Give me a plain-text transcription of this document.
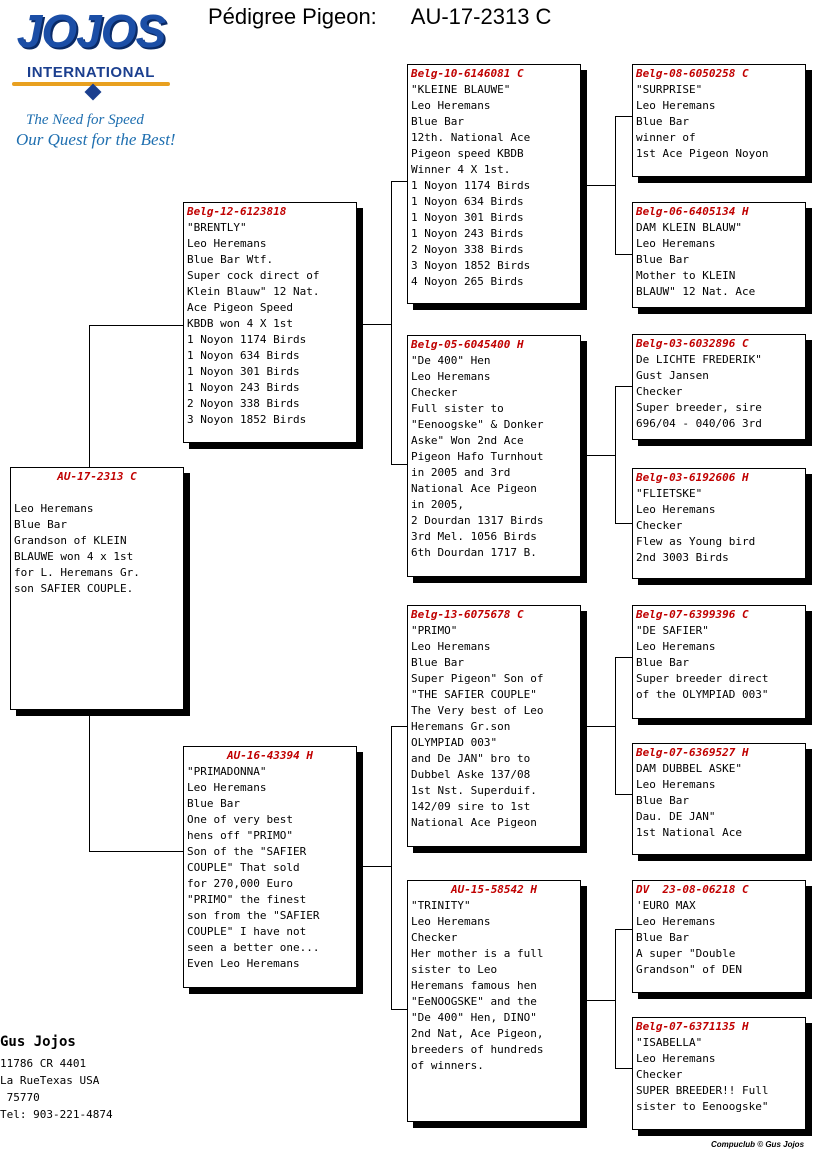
JOJOS
INTERNATIONAL
The Need for Speed
Our Quest for the Best!
Pédigree Pigeon: AU-17-2313 C
AU-17-2313 C
Leo Heremans
Blue Bar
Grandson of KLEIN
BLAUWE won 4 x 1st
for L. Heremans Gr.
son SAFIER COUPLE.
Belg-12-6123818
"BRENTLY"
Leo Heremans
Blue Bar Wtf.
Super cock direct of
Klein Blauw" 12 Nat.
Ace Pigeon Speed
KBDB won 4 X 1st
1 Noyon 1174 Birds
1 Noyon 634 Birds
1 Noyon 301 Birds
1 Noyon 243 Birds
2 Noyon 338 Birds
3 Noyon 1852 Birds
AU-16-43394 H
"PRIMADONNA"
Leo Heremans
Blue Bar
One of very best
hens off "PRIMO"
Son of the "SAFIER
COUPLE" That sold
for 270,000 Euro
"PRIMO" the finest
son from the "SAFIER
COUPLE" I have not
seen a better one...
Even Leo Heremans
Belg-10-6146081 C
"KLEINE BLAUWE"
Leo Heremans
Blue Bar
12th. National Ace
Pigeon speed KBDB
Winner 4 X 1st.
1 Noyon 1174 Birds
1 Noyon 634 Birds
1 Noyon 301 Birds
1 Noyon 243 Birds
2 Noyon 338 Birds
3 Noyon 1852 Birds
4 Noyon 265 Birds
Belg-05-6045400 H
"De 400" Hen
Leo Heremans
Checker
Full sister to
"Eenoogske" & Donker
Aske" Won 2nd Ace
Pigeon Hafo Turnhout
in 2005 and 3rd
National Ace Pigeon
in 2005,
2 Dourdan 1317 Birds
3rd Mel. 1056 Birds
6th Dourdan 1717 B.
Belg-13-6075678 C
"PRIMO"
Leo Heremans
Blue Bar
Super Pigeon" Son of
"THE SAFIER COUPLE"
The Very best of Leo
Heremans Gr.son
OLYMPIAD 003"
and De JAN" bro to
Dubbel Aske 137/08
1st Nst. Superduif.
142/09 sire to 1st
National Ace Pigeon
AU-15-58542 H
"TRINITY"
Leo Heremans
Checker
Her mother is a full
sister to Leo
Heremans famous hen
"EeNOOGSKE" and the
"De 400" Hen, DINO"
2nd Nat, Ace Pigeon,
breeders of hundreds
of winners.
Belg-08-6050258 C
"SURPRISE"
Leo Heremans
Blue Bar
winner of
1st Ace Pigeon Noyon
Belg-06-6405134 H
DAM KLEIN BLAUW"
Leo Heremans
Blue Bar
Mother to KLEIN
BLAUW" 12 Nat. Ace
Belg-03-6032896 C
De LICHTE FREDERIK"
Gust Jansen
Checker
Super breeder, sire
696/04 - 040/06 3rd
Belg-03-6192606 H
"FLIETSKE"
Leo Heremans
Checker
Flew as Young bird
2nd 3003 Birds
Belg-07-6399396 C
"DE SAFIER"
Leo Heremans
Blue Bar
Super breeder direct
of the OLYMPIAD 003"
Belg-07-6369527 H
DAM DUBBEL ASKE"
Leo Heremans
Blue Bar
Dau. DE JAN"
1st National Ace
DV  23-08-06218 C
'EURO MAX
Leo Heremans
Blue Bar
A super "Double
Grandson" of DEN
Belg-07-6371135 H
"ISABELLA"
Leo Heremans
Checker
SUPER BREEDER!! Full
sister to Eenoogske"
Gus Jojos
11786 CR 4401
La RueTexas USA
75770
Tel: 903-221-4874
Compuclub © Gus Jojos
